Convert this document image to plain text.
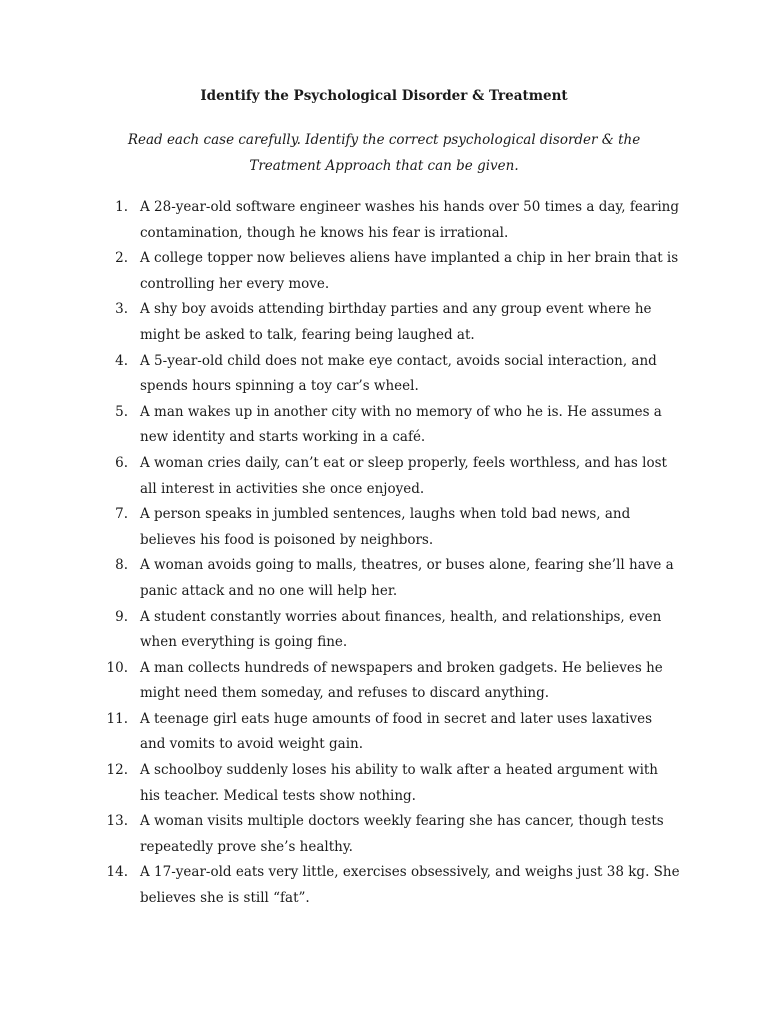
Identify the Psychological Disorder & Treatment
Read each case carefully. Identify the correct psychological disorder & the Treatment Approach that can be given.
1. A 28-year-old software engineer washes his hands over 50 times a day, fearing contamination, though he knows his fear is irrational.
2. A college topper now believes aliens have implanted a chip in her brain that is controlling her every move.
3. A shy boy avoids attending birthday parties and any group event where he might be asked to talk, fearing being laughed at.
4. A 5-year-old child does not make eye contact, avoids social interaction, and spends hours spinning a toy car’s wheel.
5. A man wakes up in another city with no memory of who he is. He assumes a new identity and starts working in a café.
6. A woman cries daily, can’t eat or sleep properly, feels worthless, and has lost all interest in activities she once enjoyed.
7. A person speaks in jumbled sentences, laughs when told bad news, and believes his food is poisoned by neighbors.
8. A woman avoids going to malls, theatres, or buses alone, fearing she’ll have a panic attack and no one will help her.
9. A student constantly worries about finances, health, and relationships, even when everything is going fine.
10. A man collects hundreds of newspapers and broken gadgets. He believes he might need them someday, and refuses to discard anything.
11. A teenage girl eats huge amounts of food in secret and later uses laxatives and vomits to avoid weight gain.
12. A schoolboy suddenly loses his ability to walk after a heated argument with his teacher. Medical tests show nothing.
13. A woman visits multiple doctors weekly fearing she has cancer, though tests repeatedly prove she’s healthy.
14. A 17-year-old eats very little, exercises obsessively, and weighs just 38 kg. She believes she is still “fat”.
